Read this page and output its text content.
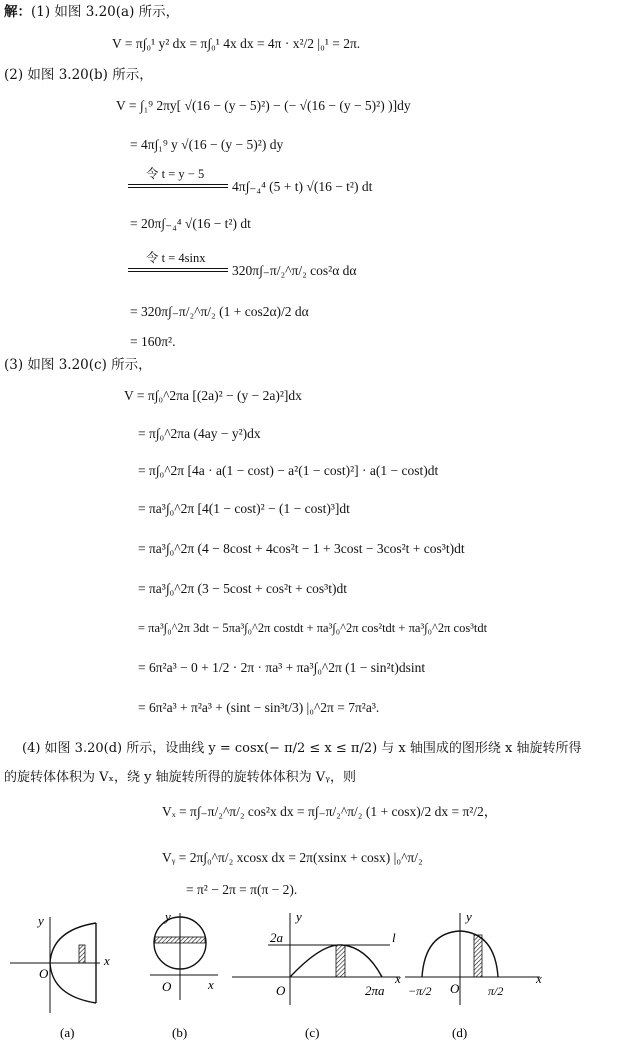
解：(1) 如图 3.20(a) 所示，
V = π∫₀¹ y² dx = π∫₀¹ 4x dx = 4π · x²/2 |₀¹ = 2π.
(2) 如图 3.20(b) 所示，
V = ∫₁⁹ 2πy[ √(16 − (y − 5)²) − (− √(16 − (y − 5)²) )]dy
= 4π∫₁⁹ y √(16 − (y − 5)²) dy
令 t = y − 5
4π∫₋₄⁴ (5 + t) √(16 − t²) dt
= 20π∫₋₄⁴ √(16 − t²) dt
令 t = 4sinx
320π∫₋π/₂^π/₂ cos²α dα
= 320π∫₋π/₂^π/₂ (1 + cos2α)/2 dα
= 160π².
(3) 如图 3.20(c) 所示，
V = π∫₀^2πa [(2a)² − (y − 2a)²]dx
= π∫₀^2πa (4ay − y²)dx
= π∫₀^2π [4a · a(1 − cost) − a²(1 − cost)²] · a(1 − cost)dt
= πa³∫₀^2π [4(1 − cost)² − (1 − cost)³]dt
= πa³∫₀^2π (4 − 8cost + 4cos²t − 1 + 3cost − 3cos²t + cos³t)dt
= πa³∫₀^2π (3 − 5cost + cos²t + cos³t)dt
= πa³∫₀^2π 3dt − 5πa³∫₀^2π costdt + πa³∫₀^2π cos²tdt + πa³∫₀^2π cos³tdt
= 6π²a³ − 0 + 1/2 · 2π · πa³ + πa³∫₀^2π (1 − sin²t)dsint
= 6π²a³ + π²a³ + (sint − sin³t/3) |₀^2π = 7π²a³.
(4) 如图 3.20(d) 所示，设曲线 y = cosx(− π/2 ≤ x ≤ π/2) 与 x 轴围成的图形绕 x 轴旋转所得
的旋转体体积为 Vₓ，绕 y 轴旋转所得的旋转体体积为 Vᵧ，则
Vₓ = π∫₋π/₂^π/₂ cos²x dx = π∫₋π/₂^π/₂ (1 + cosx)/2 dx = π²/2，
Vᵧ = 2π∫₀^π/₂ xcosx dx = 2π(xsinx + cosx) |₀^π/₂
= π² − 2π = π(π − 2).
y
x
O
(a)
y
x
O
(b)
y
2a	l
x
O	2πa
(c)
y
x
O
−π/2	π/2
(d)
